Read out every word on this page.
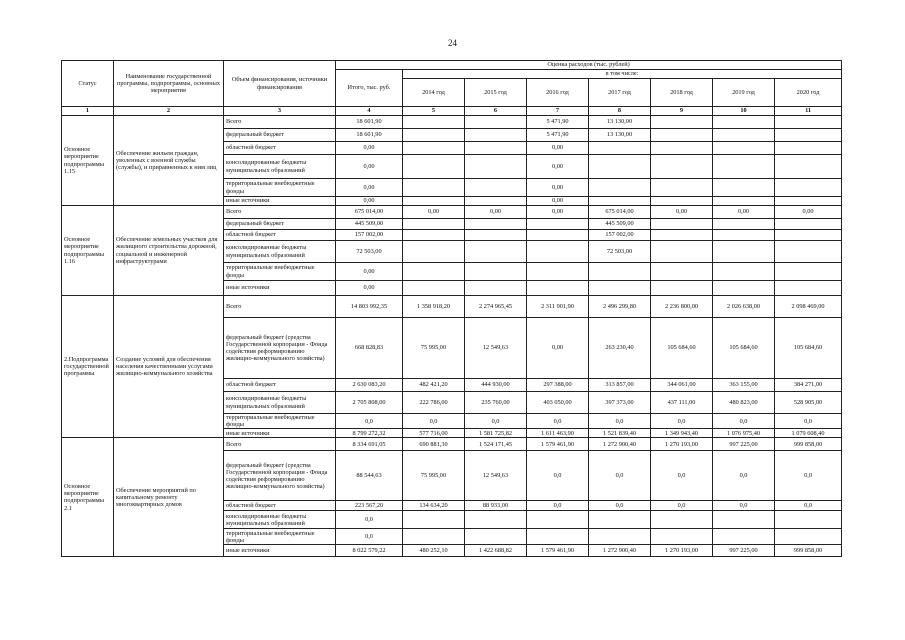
24
Статус	Наименование государственной программы, подпрограммы, основных мероприятия	Объем финансирования, источники финансирования	Оценка расходов (тыс. рублей)							
			Итого, тыс. руб.	в том числе:						
				2014 год	2015 год	2016 год	2017 год	2018 год	2019 год	2020 год
1	2	3	4	5	6	7	8	9	10	11
Основное мероприятие подпрограммы 1.15	Обеспечение жильем граждан, уволенных с военной службы (службы), и приравненных к ним лиц	Всего	18 601,90			5 471,90	13 130,00			
		федеральный бюджет	18 601,90			5 471,90	13 130,00			
		областной бюджет	0,00			0,00				
		консолидированные бюджеты муниципальных образований	0,00			0,00				
		территориальные внебюджетные фонды	0,00			0,00				
		иные источники	0,00			0,00				
Основное мероприятие подпрограммы 1.16	Обеспечение земельных участков для жилищного строительства дорожной, социальной и инженерной инфраструктурами	Всего	675 014,00	0,00	0,00	0,00	675 014,00	0,00	0,00	0,00
		федеральный бюджет	445 509,00				445 509,00			
		областной бюджет	157 002,00				157 002,00			
		консолидированные бюджеты муниципальных образований	72 503,00				72 503,00			
		территориальные внебюджетные фонды	0,00							
		иные источники	0,00							
2.Подпрограмма государственной программы	Создание условий для обеспечения населения качественными услугами жилищно-коммунального хозяйства	Всего	14 803 992,35	1 358 918,20	2 274 965,45	2 311 901,90	2 496 299,80	2 236 800,00	2 026 638,00	2 098 469,00
		федеральный бюджет (средства Государственной корпорации - Фонда содействия реформированию жилищно-коммунального хозяйства)	668 828,83	75 995,00	12 549,63	0,00	263 230,40	105 684,60	105 684,60	105 684,60
		областной бюджет	2 630 083,20	482 421,20	444 930,00	297 388,00	313 857,00	344 061,00	363 155,00	384 271,00
		консолидированные бюджеты муниципальных образований	2 705 808,00	222 786,00	235 760,00	403 050,00	397 373,00	437 111,00	480 823,00	528 905,00
		территориальные внебюджетные фонды	0,0	0,0	0,0	0,0	0,0	0,0	0,0	0,0
		иные источники	8 799 272,32	577 716,00	1 581 725,82	1 611 463,90	1 521 839,40	1 349 943,40	1 076 975,40	1 079 608,40
Основное мероприятие подпрограммы 2.1	Обеспечение мероприятий по капитальному ремонту многоквартирных домов	Всего	8 334 691,05	690 881,30	1 524 171,45	1 579 461,90	1 272 900,40	1 270 193,00	997 225,00	999 858,00
		федеральный бюджет (средства Государственной корпорации - Фонда содействия реформированию жилищно-коммунального хозяйства)	88 544,63	75 995,00	12 549,63	0,0	0,0	0,0	0,0	0,0
		областной бюджет	223 567,20	134 634,20	88 933,00	0,0	0,0	0,0	0,0	0,0
		консолидированные бюджеты муниципальных образований	0,0							
		территориальные внебюджетные фонды	0,0							
		иные источники	8 022 579,22	480 252,10	1 422 688,82	1 579 461,90	1 272 900,40	1 270 193,00	997 225,00	999 858,00
